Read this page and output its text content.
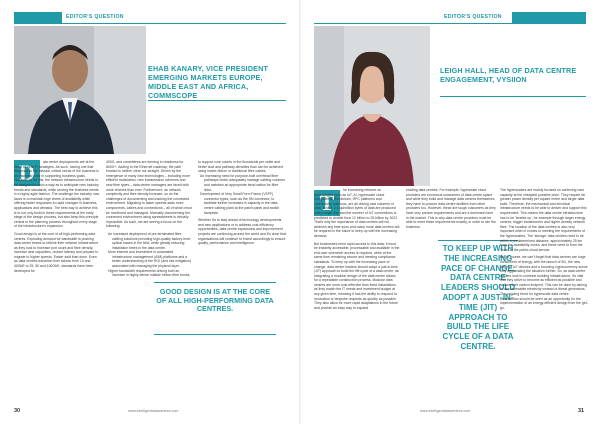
EDITOR'S QUESTION
EHAB KANARY, VICE PRESIDENT EMERGING MARKETS EUROPE, MIDDLE EAST AND AFRICA, COMMSCOPE
D	ata centre deployments are at the heart of most IT strategies. As such, having one that responds to the mission critical needs of the business is an essential pillar in supporting business goals. However, to do this, the network infrastructure needs to be designed in such a way as to anticipate new industry trends and standards, while serving the business needs in a highly agile fashion. The challenge the industry now faces is to maintain high levels of availability while offering faster responses to rapid changes in business, applications and demand. The best way to achieve this is to not only build in these requirements at the early stage of the design process, but also keep this principle central to the planning process throughout every stage of the infrastructure's expansion.
Good design is at the core of all high-performing data centres. Exploding demand for bandwidth is pushing data centre teams to rethink their network infrastructure as they look to increase port count and fibre density, increase lane capacities, reduce latency and prepare to migrate to higher speeds. Easier said than done. Even as data centres transition their fabrics from 10 and 40GbE to 25, 50 and 100GbE, standards have been developed for
400G, and committees are forming in readiness for 800G+. Adding to the Ethernet roadmap, the path forward is neither clear nor straight. Driven by the emergence of many new technologies – including more efficient modulation, new transmission schemes and new fibre types – data centre managers are faced with more choices than ever. Furthermore, as network complexity and fibre density increase, so do the challenges of documenting and tracking the connected environment. Migrating to faster speeds adds more components, cables and connections – all of which must be monitored and managed. Manually documenting the connected environment using spreadsheets is virtually impossible. As such, we are seeing a focus on the following:
An increased deployment of pre-terminated fibre cabling solutions providing high-quality factory-level optical losses in the field, while greatly reducing installation times in the data centre.
More interest and investment in automated infrastructure management (AIM) platforms and a better understanding of the ROI (and risk mitigation) associated with managing the physical layer.
Higher bandwidth requirements driving both an increase in highly dense rollable ribbon fibre trunks,
to support core counts in the thousands per cable and better duct and pathway densities than can be achieved using matrix ribbon or traditional fibre cables.
An increasing need for purpose-built overhead fibre pathways which adequately manage cabling volumes and maintain an appropriate bend radius for fibre links.
Development of Very Small Form Factor (VSFF) connector types, such as the SN connector, to facilitate further increases in capacity in the data centre cabling plant at the patch panel and switch faceplate.
Whether it's to stay ahead of technology developments and new applications or to address cost-efficiency opportunities, data centre expansions and improvement projects are continuing around the world and it's clear that organisations will continue to invest accordingly to ensure quality, performance and intelligence.
GOOD DESIGN IS AT THE CORE OF ALL HIGH-PERFORMING DATA CENTRES.
30	www.intelligentdatacentres.com
EDITOR'S QUESTION
LEIGH HALL, HEAD OF DATA CENTRE ENGAGEMENT, VYSIION
T	he increasing reliance on technologies such as IoT, AI, hyperscale cloud ecosystems, Blockchain, HPC platforms and connectivity solutions, are all driving vast volumes of data. In fact, 2.5 quintillion bytes of data are produced every single day and the number of IoT connections is predicted to double from 12 billion to 25 billion by 2022. That's why the importance of data centres will not diminish any time soon and many more data centres will be required in the future to keep up with the increasing demand.
But businesses need rapid access to this data; it must be instantly accessible, processable and available in the end-user whenever access is required, while at the same time remaining secure and meeting compliance standards. To keep up with the increasing pace of change, data centre leaders should adopt a just-in-time (JIT) approach to build the life cycle of a data centre, as integrating a modular design of the data centre allows for a repeatable construction process. Modular data centres are more cost-effective than fixed installations as they match the IT needs and investment budget at any given time, meaning it has the ability to respond to innovation or bespoke requests as quickly as possible. They also allow for more rapid adaptations in the future and provide an easy way to expand
existing data centres. For example, hyperscale cloud providers are enormous consumers of data centre space and while they build and manage data centres themselves, they have to procure data centre facilities from other providers too. However, these are tough customers as they have very precise requirements and are a dominant force in the market. This is why data centre providers must be able to meet these requirements exactly, in order to win the business.
TO KEEP UP WITH THE INCREASING PACE OF CHANGE, DATA CENTRE LEADERS SHOULD ADOPT A JUST-IN-TIME (JIT) APPROACH TO BUILD THE LIFE CYCLE OF A DATA CENTRE.
The hyperscalers are mainly focused on achieving vast capacity at the cheapest possible price. They require far greater power density per square metre and larger data halls. Therefore, the mechanical and electrical infrastructure needs to be able to deliver and support this requirement. This means the data centre infrastructure has to be 'beefed up', for example through larger energy centres, bigger transformers and higher density network fibre. The location of the data centres is also very important when it comes to meeting the requirements of the hyperscalers. The 'storage' data centres need to be within a predetermined distance, approximately 25 km from the availability zones, and these need to form the 'brain' of the public cloud service.
But of course, we can't forget that data centres are huge consumers of energy, with the launch of 5G, the new wave of IoT devices and a booming cryptocurrency scene only aggravating the situation further. So, as data centre leaders look to continue building infrastructure, it's vital that they strive to become as efficient as possible and reduce their carbon footprint. This can be done by aiming to use renewable electricity instead of diesel generators. The ongoing trend for hyperscale data centre construction should be seen as an opportunity for the implementation of an energy-efficient design from the get-go.
www.intelligentdatacentres.com	31
